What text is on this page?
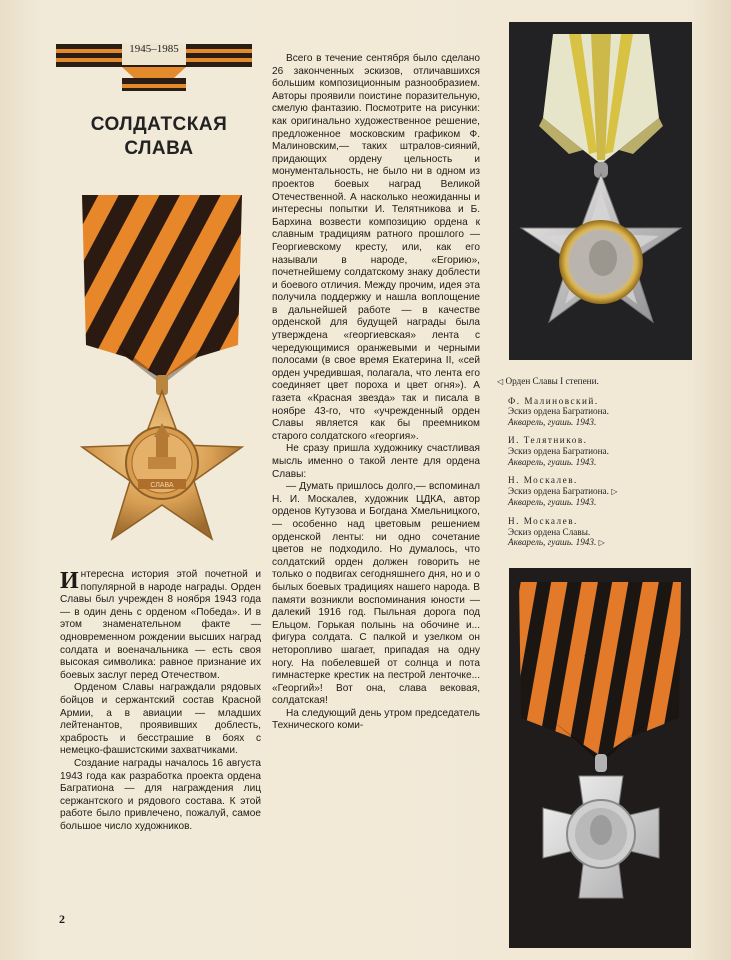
1945–1985
СОЛДАТСКАЯ
СЛАВА
СЛАВА

Интересна история этой почетной и популярной в народе награды. Орден Славы был учрежден 8 ноября 1943 года — в один день с орденом «Победа». И в этом знаменательном факте — одновременном рождении высших наград солдата и военачальника — есть своя высокая символика: равное признание их боевых заслуг перед Отечеством.

Орденом Славы награждали рядовых бойцов и сержантский состав Красной Армии, а в авиации — младших лейтенантов, проявивших доблесть, храбрость и бесстрашие в боях с немецко-фашистскими захватчиками.

Создание награды началось 16 августа 1943 года как разработка проекта ордена Багратиона — для награждения лиц сержантского и рядового состава. К этой работе было привлечено, пожалуй, самое большое число художников.

Всего в течение сентября было сделано 26 законченных эскизов, отличавшихся большим композиционным разнообразием. Авторы проявили поистине поразительную, смелую фантазию. Посмотрите на рисунки: как оригинально художественное решение, предложенное московским графиком Ф. Малиновским,— таких штралов-сияний, придающих ордену цельность и монументальность, не было ни в одном из проектов боевых наград Великой Отечественной. А насколько неожиданны и интересны попытки И. Телятникова и Б. Бархина возвести композицию ордена к славным традициям ратного прошлого — Георгиевскому кресту, или, как его называли в народе, «Егорию», почетнейшему солдатскому знаку доблести и боевого отличия. Между прочим, идея эта получила поддержку и нашла воплощение в дальнейшей работе — в качестве орденской для будущей награды была утверждена «георгиевская» лента с чередующимися оранжевыми и черными полосами (в свое время Екатерина II, «сей орден учредившая, полагала, что лента его соединяет цвет пороха и цвет огня»). А газета «Красная звезда» так и писала в ноябре 43-го, что «учрежденный орден Славы является как бы преемником старого солдатского «георгия».

Не сразу пришла художнику счастливая мысль именно о такой ленте для ордена Славы:

— Думать пришлось долго,— вспоминал Н. И. Москалев, художник ЦДКА, автор орденов Кутузова и Богдана Хмельницкого,— особенно над цветовым решением орденской ленты: ни одно сочетание цветов не подходило. Но думалось, что солдатский орден должен говорить не только о подвигах сегодняшнего дня, но и о былых боевых традициях нашего народа. В памяти возникли воспоминания юности — далекий 1916 год. Пыльная дорога под Ельцом. Горькая полынь на обочине и... фигура солдата. С палкой и узелком он неторопливо шагает, припадая на одну ногу. На побелевшей от солнца и пота гимнастерке крестик на пестрой ленточке... «Георгий»! Вот она, слава вековая, солдатская!

На следующий день утром председатель Технического коми-

◁ Орден Славы I степени.
Ф. Малиновский.
Эскиз ордена Багратиона.
Акварель, гуашь. 1943.
И. Телятников.
Эскиз ордена Багратиона.
Акварель, гуашь. 1943.
Н. Москалев.
Эскиз ордена Багратиона. ▷
Акварель, гуашь. 1943.
Н. Москалев.
Эскиз ордена Славы.
Акварель, гуашь. 1943. ▷
2
